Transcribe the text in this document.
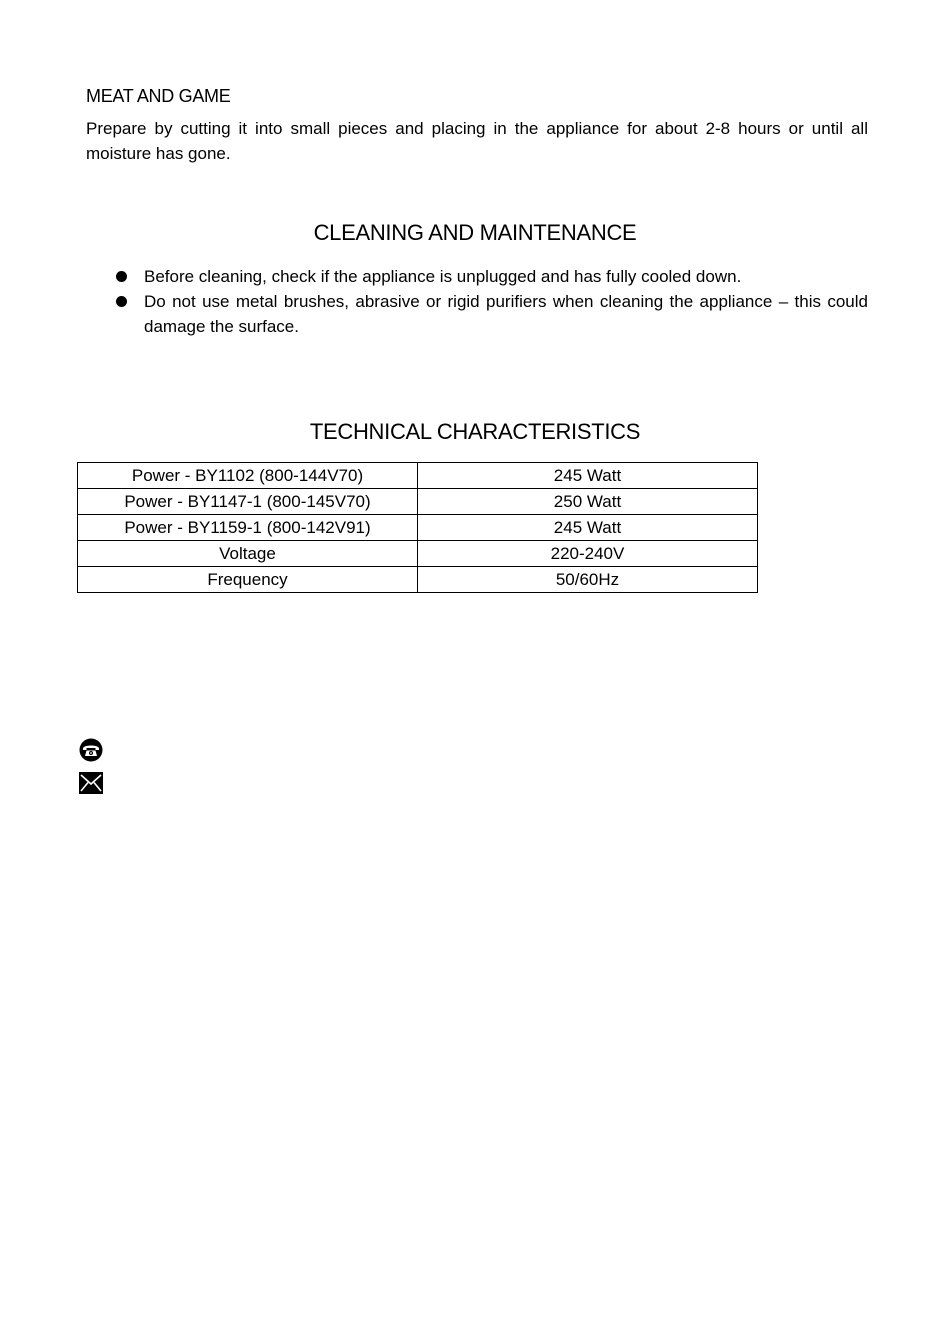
MEAT AND GAME
Prepare by cutting it into small pieces and placing in the appliance for about 2-8 hours or until all moisture has gone.
CLEANING AND MAINTENANCE
Before cleaning, check if the appliance is unplugged and has fully cooled down.
Do not use metal brushes, abrasive or rigid purifiers when cleaning the appliance – this could damage the surface.
TECHNICAL CHARACTERISTICS
Power - BY1102 (800-144V70)	245 Watt
Power - BY1147-1 (800-145V70)	250 Watt
Power - BY1159-1 (800-142V91)	245 Watt
Voltage	220-240V
Frequency	50/60Hz
